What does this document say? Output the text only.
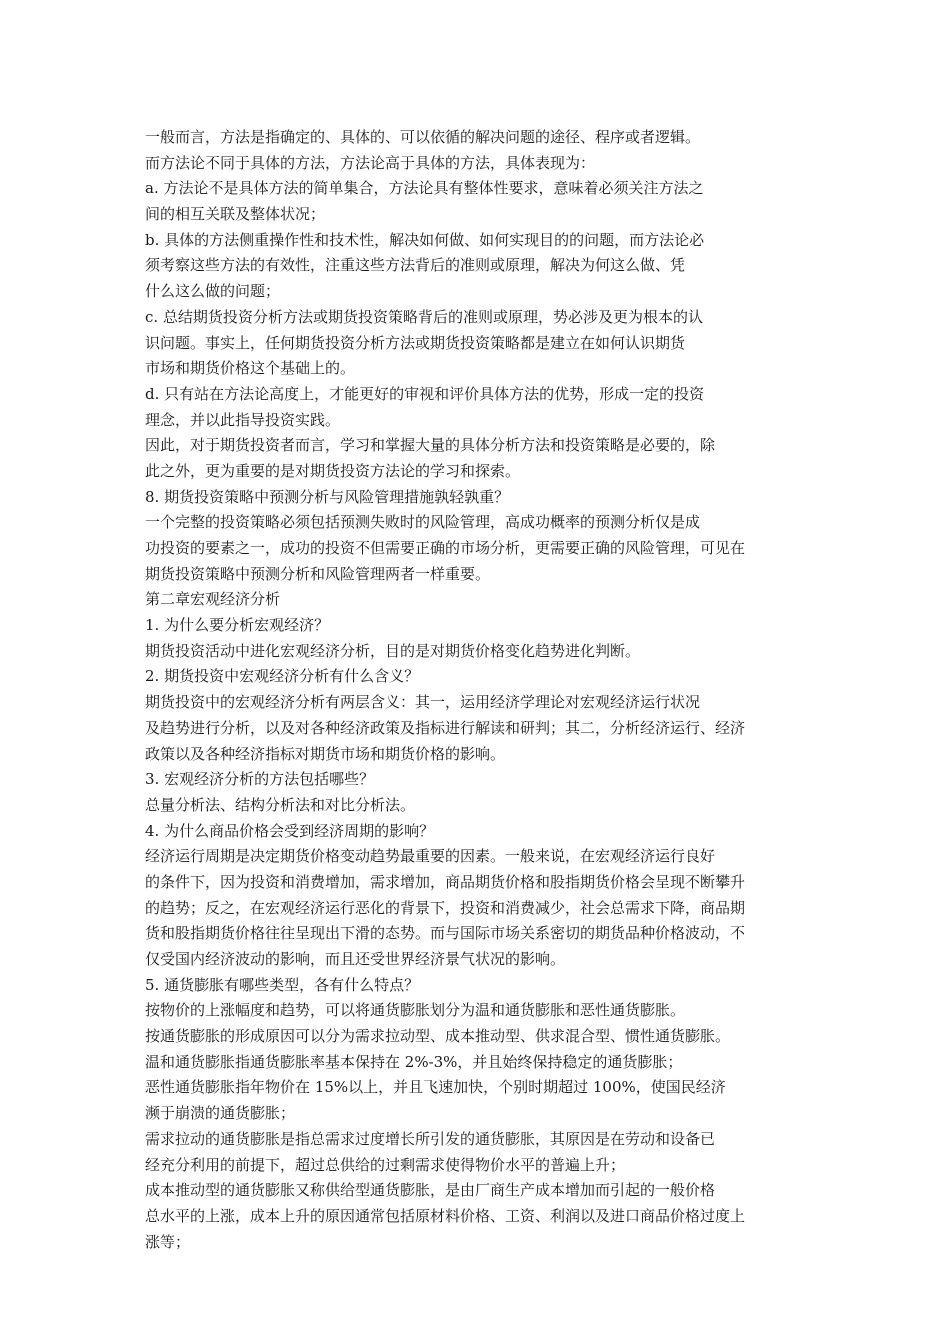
一般而言，方法是指确定的、具体的、可以依循的解决问题的途径、程序或者逻辑。
而方法论不同于具体的方法，方法论高于具体的方法，具体表现为：
a. 方法论不是具体方法的简单集合，方法论具有整体性要求，意味着必须关注方法之
间的相互关联及整体状况；
b. 具体的方法侧重操作性和技术性，解决如何做、如何实现目的的问题，而方法论必
须考察这些方法的有效性，注重这些方法背后的准则或原理，解决为何这么做、凭
什么这么做的问题；
c. 总结期货投资分析方法或期货投资策略背后的准则或原理，势必涉及更为根本的认
识问题。事实上，任何期货投资分析方法或期货投资策略都是建立在如何认识期货
市场和期货价格这个基础上的。
d. 只有站在方法论高度上，才能更好的审视和评价具体方法的优势，形成一定的投资
理念，并以此指导投资实践。
因此，对于期货投资者而言，学习和掌握大量的具体分析方法和投资策略是必要的，除
此之外，更为重要的是对期货投资方法论的学习和探索。
8. 期货投资策略中预测分析与风险管理措施孰轻孰重？
一个完整的投资策略必须包括预测失败时的风险管理，高成功概率的预测分析仅是成
功投资的要素之一，成功的投资不但需要正确的市场分析，更需要正确的风险管理，可见在
期货投资策略中预测分析和风险管理两者一样重要。
第二章宏观经济分析
1. 为什么要分析宏观经济？
期货投资活动中进化宏观经济分析，目的是对期货价格变化趋势进化判断。
2. 期货投资中宏观经济分析有什么含义？
期货投资中的宏观经济分析有两层含义：其一，运用经济学理论对宏观经济运行状况
及趋势进行分析，以及对各种经济政策及指标进行解读和研判；其二，分析经济运行、经济
政策以及各种经济指标对期货市场和期货价格的影响。
3. 宏观经济分析的方法包括哪些？
总量分析法、结构分析法和对比分析法。
4. 为什么商品价格会受到经济周期的影响？
经济运行周期是决定期货价格变动趋势最重要的因素。一般来说，在宏观经济运行良好
的条件下，因为投资和消费增加，需求增加，商品期货价格和股指期货价格会呈现不断攀升
的趋势；反之，在宏观经济运行恶化的背景下，投资和消费减少，社会总需求下降，商品期
货和股指期货价格往往呈现出下滑的态势。而与国际市场关系密切的期货品种价格波动，不
仅受国内经济波动的影响，而且还受世界经济景气状况的影响。
5. 通货膨胀有哪些类型，各有什么特点？
按物价的上涨幅度和趋势，可以将通货膨胀划分为温和通货膨胀和恶性通货膨胀。
按通货膨胀的形成原因可以分为需求拉动型、成本推动型、供求混合型、惯性通货膨胀。
温和通货膨胀指通货膨胀率基本保持在 2%-3%，并且始终保持稳定的通货膨胀；
恶性通货膨胀指年物价在 15%以上，并且飞速加快，个别时期超过 100%，使国民经济
濒于崩溃的通货膨胀；
需求拉动的通货膨胀是指总需求过度增长所引发的通货膨胀，其原因是在劳动和设备已
经充分利用的前提下，超过总供给的过剩需求使得物价水平的普遍上升；
成本推动型的通货膨胀又称供给型通货膨胀，是由厂商生产成本增加而引起的一般价格
总水平的上涨，成本上升的原因通常包括原材料价格、工资、利润以及进口商品价格过度上
涨等；
